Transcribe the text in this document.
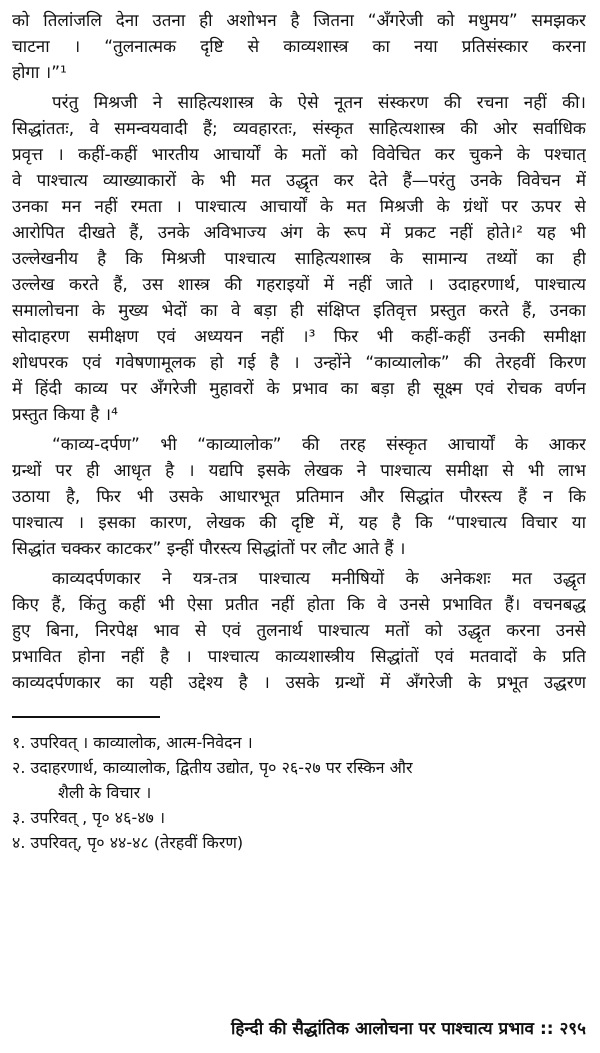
को तिलांजलि देना उतना ही अशोभन है जितना “अँगरेजी को मधुमय” समझकर
चाटना । “तुलनात्मक दृष्टि से काव्यशास्त्र का नया प्रतिसंस्कार करना
होगा ।”¹
परंतु मिश्रजी ने साहित्यशास्त्र के ऐसे नूतन संस्करण की रचना नहीं की।
सिद्धांततः, वे समन्वयवादी हैं; व्यवहारतः, संस्कृत साहित्यशास्त्र की ओर सर्वाधिक
प्रवृत्त । कहीं-कहीं भारतीय आचार्यों के मतों को विवेचित कर चुकने के पश्चात्
वे पाश्चात्य व्याख्याकारों के भी मत उद्धृत कर देते हैं—परंतु उनके विवेचन में
उनका मन नहीं रमता । पाश्चात्य आचार्यों के मत मिश्रजी के ग्रंथों पर ऊपर से
आरोपित दीखते हैं, उनके अविभाज्य अंग के रूप में प्रकट नहीं होते।² यह भी
उल्लेखनीय है कि मिश्रजी पाश्चात्य साहित्यशास्त्र के सामान्य तथ्यों का ही
उल्लेख करते हैं, उस शास्त्र की गहराइयों में नहीं जाते । उदाहरणार्थ, पाश्चात्य
समालोचना के मुख्य भेदों का वे बड़ा ही संक्षिप्त इतिवृत्त प्रस्तुत करते हैं, उनका
सोदाहरण समीक्षण एवं अध्ययन नहीं ।³ फिर भी कहीं-कहीं उनकी समीक्षा
शोधपरक एवं गवेषणामूलक हो गई है । उन्होंने “काव्यालोक” की तेरहवीं किरण
में हिंदी काव्य पर अँगरेजी मुहावरों के प्रभाव का बड़ा ही सूक्ष्म एवं रोचक वर्णन
प्रस्तुत किया है ।⁴
“काव्य-दर्पण” भी “काव्यालोक” की तरह संस्कृत आचार्यों के आकर
ग्रन्थों पर ही आधृत है । यद्यपि इसके लेखक ने पाश्चात्य समीक्षा से भी लाभ
उठाया है, फिर भी उसके आधारभूत प्रतिमान और सिद्धांत पौरस्त्य हैं न कि
पाश्चात्य । इसका कारण, लेखक की दृष्टि में, यह है कि “पाश्चात्य विचार या
सिद्धांत चक्कर काटकर” इन्हीं पौरस्त्य सिद्धांतों पर लौट आते हैं ।
काव्यदर्पणकार ने यत्र-तत्र पाश्चात्य मनीषियों के अनेकशः मत उद्धृत
किए हैं, किंतु कहीं भी ऐसा प्रतीत नहीं होता कि वे उनसे प्रभावित हैं। वचनबद्ध
हुए बिना, निरपेक्ष भाव से एवं तुलनार्थ पाश्चात्य मतों को उद्धृत करना उनसे
प्रभावित होना नहीं है । पाश्चात्य काव्यशास्त्रीय सिद्धांतों एवं मतवादों के प्रति
काव्यदर्पणकार का यही उद्देश्य है । उसके ग्रन्थों में अँगरेजी के प्रभूत उद्धरण
१. उपरिवत् । काव्यालोक, आत्म-निवेदन ।
२. उदाहरणार्थ, काव्यालोक, द्वितीय उद्योत, पृ० २६-२७ पर रस्किन और
शैली के विचार ।
३. उपरिवत् , पृ० ४६-४७ ।
४. उपरिवत्, पृ० ४४-४८ (तेरहवीं किरण)
हिन्दी की सैद्धांतिक आलोचना पर पाश्चात्य प्रभाव :: २९५
